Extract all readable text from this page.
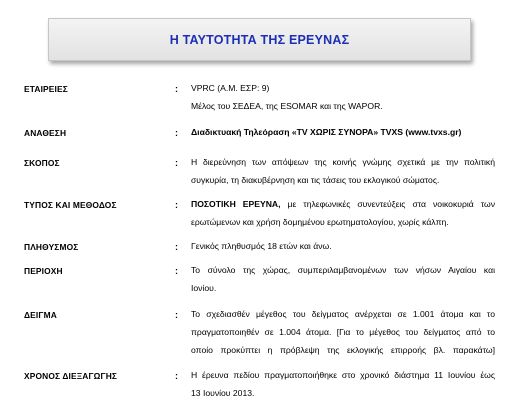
Η ΤΑΥΤΟΤΗΤΑ ΤΗΣ ΕΡΕΥΝΑΣ
ΕΤΑΙΡΕΙΕΣ	: VPRC (Α.Μ. ΕΣΡ: 9)
Μέλος του ΣΕΔΕΑ, της ESOMAR και της WAPOR.
ΑΝΑΘΕΣΗ	: Διαδικτυακή Τηλεόραση «TV ΧΩΡΙΣ ΣΥΝΟΡΑ» TVXS (www.tvxs.gr)
ΣΚΟΠΟΣ	: Η διερεύνηση των απόψεων της κοινής γνώμης σχετικά με την πολιτική
συγκυρία, τη διακυβέρνηση και τις τάσεις του εκλογικού σώματος.
ΤΥΠΟΣ ΚΑΙ ΜΕΘΟΔΟΣ	: ΠΟΣΟΤΙΚΗ ΕΡΕΥΝΑ, με τηλεφωνικές συνεντεύξεις στα νοικοκυριά των
ερωτώμενων και χρήση δομημένου ερωτηματολογίου, χωρίς κάλπη.
ΠΛΗΘΥΣΜΟΣ	: Γενικός πληθυσμός 18 ετών και άνω.
ΠΕΡΙΟΧΗ	: Το σύνολο της χώρας, συμπεριλαμβανομένων των νήσων Αιγαίου και
Ιονίου.
ΔΕΙΓΜΑ	: Το σχεδιασθέν μέγεθος του δείγματος ανέρχεται σε 1.001 άτομα και το
πραγματοποιηθέν σε 1.004 άτομα. [Για το μέγεθος του δείγματος από το
οποίο προκύπτει η πρόβλεψη της εκλογικής επιρροής βλ. παρακάτω]
ΧΡΟΝΟΣ ΔΙΕΞΑΓΩΓΗΣ	: Η έρευνα πεδίου πραγματοποιήθηκε στο χρονικό διάστημα 11 Ιουνίου έως
13 Ιουνίου 2013.
